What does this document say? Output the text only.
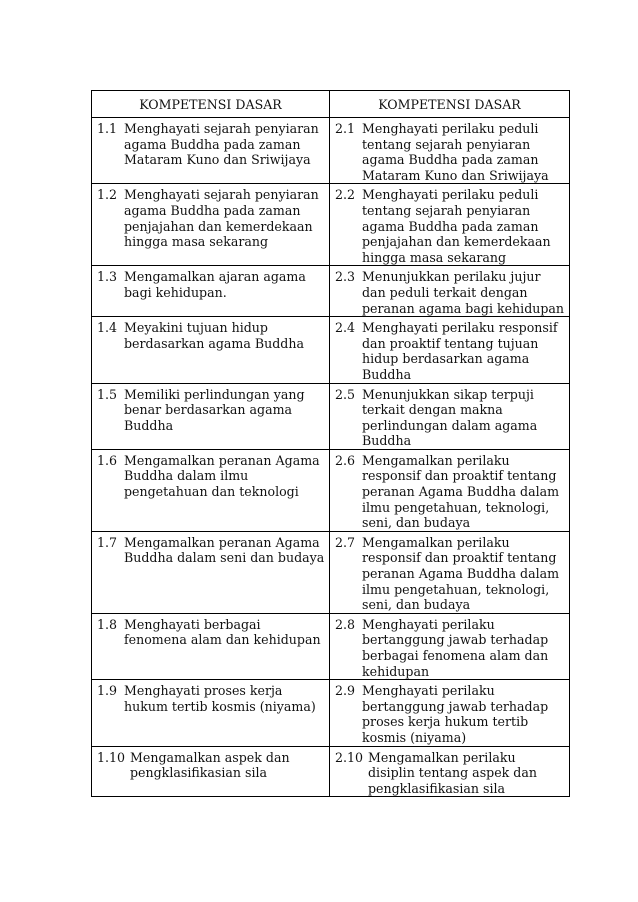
KOMPETENSI DASAR	KOMPETENSI DASAR

1.1 Menghayati sejarah penyiaran agama Buddha pada zaman Mataram Kuno dan Sriwijaya	2.1 Menghayati perilaku peduli tentang sejarah penyiaran agama Buddha pada zaman Mataram Kuno dan Sriwijaya

1.2 Menghayati sejarah penyiaran agama Buddha pada zaman penjajahan dan kemerdekaan hingga masa sekarang	2.2 Menghayati perilaku peduli tentang sejarah penyiaran agama Buddha pada zaman penjajahan dan kemerdekaan hingga masa sekarang

1.3 Mengamalkan ajaran agama bagi kehidupan.	2.3 Menunjukkan perilaku jujur dan peduli terkait dengan peranan agama bagi kehidupan

1.4 Meyakini tujuan hidup berdasarkan agama Buddha	2.4 Menghayati perilaku responsif dan proaktif tentang tujuan hidup berdasarkan agama Buddha

1.5 Memiliki perlindungan yang benar berdasarkan agama Buddha	2.5 Menunjukkan sikap terpuji terkait dengan makna perlindungan dalam agama Buddha

1.6 Mengamalkan peranan Agama Buddha dalam ilmu pengetahuan dan teknologi	2.6 Mengamalkan perilaku responsif dan proaktif tentang peranan Agama Buddha dalam ilmu pengetahuan, teknologi, seni, dan budaya

1.7 Mengamalkan peranan Agama Buddha dalam seni dan budaya	2.7 Mengamalkan perilaku responsif dan proaktif tentang peranan Agama Buddha dalam ilmu pengetahuan, teknologi, seni, dan budaya

1.8 Menghayati berbagai fenomena alam dan kehidupan	2.8 Menghayati perilaku bertanggung jawab terhadap berbagai fenomena alam dan kehidupan

1.9 Menghayati proses kerja hukum tertib kosmis (niyama)	2.9 Menghayati perilaku bertanggung jawab terhadap proses kerja hukum tertib kosmis (niyama)

1.10 Mengamalkan aspek dan pengklasifikasian sila	2.10 Mengamalkan perilaku disiplin tentang aspek dan pengklasifikasian sila
